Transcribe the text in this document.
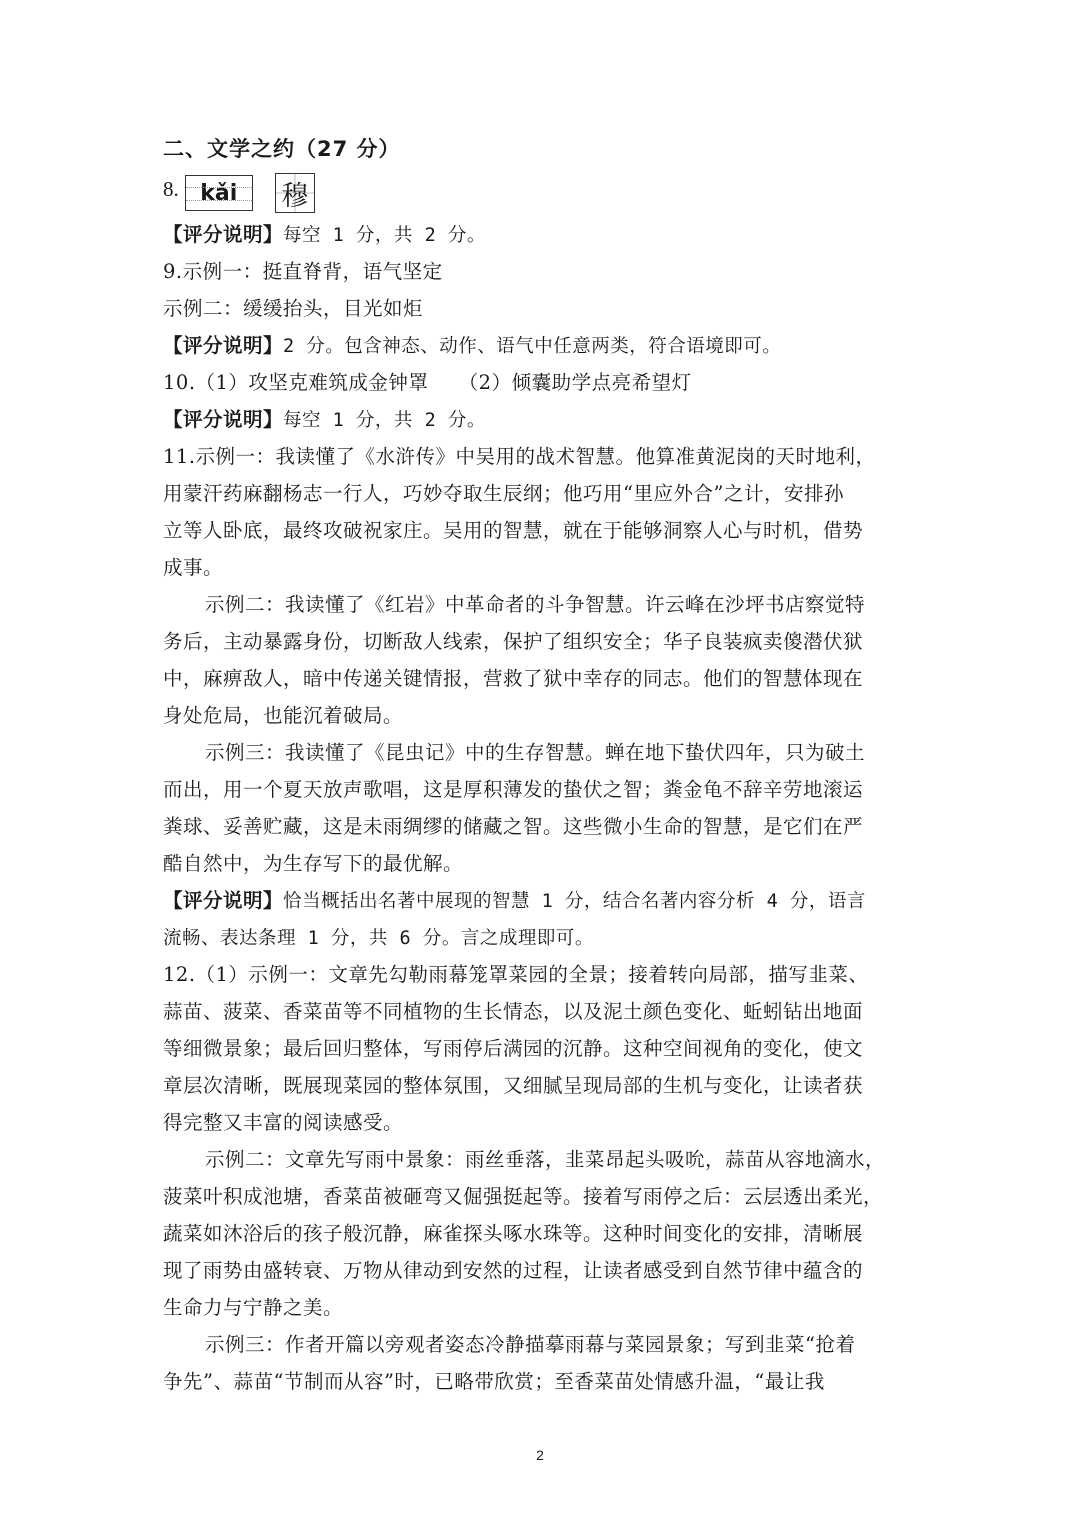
二、文学之约（27 分）
8. kǎi	穆
【评分说明】每空 1 分，共 2 分。
9.示例一：挺直脊背，语气坚定
示例二：缓缓抬头，目光如炬
【评分说明】2 分。包含神态、动作、语气中任意两类，符合语境即可。
10.（1）攻坚克难筑成金钟罩　　（2）倾囊助学点亮希望灯
【评分说明】每空 1 分，共 2 分。
11.示例一：我读懂了《水浒传》中吴用的战术智慧。他算准黄泥岗的天时地利，
用蒙汗药麻翻杨志一行人，巧妙夺取生辰纲；他巧用“里应外合”之计，安排孙
立等人卧底，最终攻破祝家庄。吴用的智慧，就在于能够洞察人心与时机，借势
成事。
示例二：我读懂了《红岩》中革命者的斗争智慧。许云峰在沙坪书店察觉特
务后，主动暴露身份，切断敌人线索，保护了组织安全；华子良装疯卖傻潜伏狱
中，麻痹敌人，暗中传递关键情报，营救了狱中幸存的同志。他们的智慧体现在
身处危局，也能沉着破局。
示例三：我读懂了《昆虫记》中的生存智慧。蝉在地下蛰伏四年，只为破土
而出，用一个夏天放声歌唱，这是厚积薄发的蛰伏之智；粪金龟不辞辛劳地滚运
粪球、妥善贮藏，这是未雨绸缪的储藏之智。这些微小生命的智慧，是它们在严
酷自然中，为生存写下的最优解。
【评分说明】恰当概括出名著中展现的智慧 1 分，结合名著内容分析 4 分，语言
流畅、表达条理 1 分，共 6 分。言之成理即可。
12.（1）示例一：文章先勾勒雨幕笼罩菜园的全景；接着转向局部，描写韭菜、
蒜苗、菠菜、香菜苗等不同植物的生长情态，以及泥土颜色变化、蚯蚓钻出地面
等细微景象；最后回归整体，写雨停后满园的沉静。这种空间视角的变化，使文
章层次清晰，既展现菜园的整体氛围，又细腻呈现局部的生机与变化，让读者获
得完整又丰富的阅读感受。
示例二：文章先写雨中景象：雨丝垂落，韭菜昂起头吸吮，蒜苗从容地滴水，
菠菜叶积成池塘，香菜苗被砸弯又倔强挺起等。接着写雨停之后：云层透出柔光，
蔬菜如沐浴后的孩子般沉静，麻雀探头啄水珠等。这种时间变化的安排，清晰展
现了雨势由盛转衰、万物从律动到安然的过程，让读者感受到自然节律中蕴含的
生命力与宁静之美。
示例三：作者开篇以旁观者姿态冷静描摹雨幕与菜园景象；写到韭菜“抢着
争先”、蒜苗“节制而从容”时，已略带欣赏；至香菜苗处情感升温，“最让我
2
